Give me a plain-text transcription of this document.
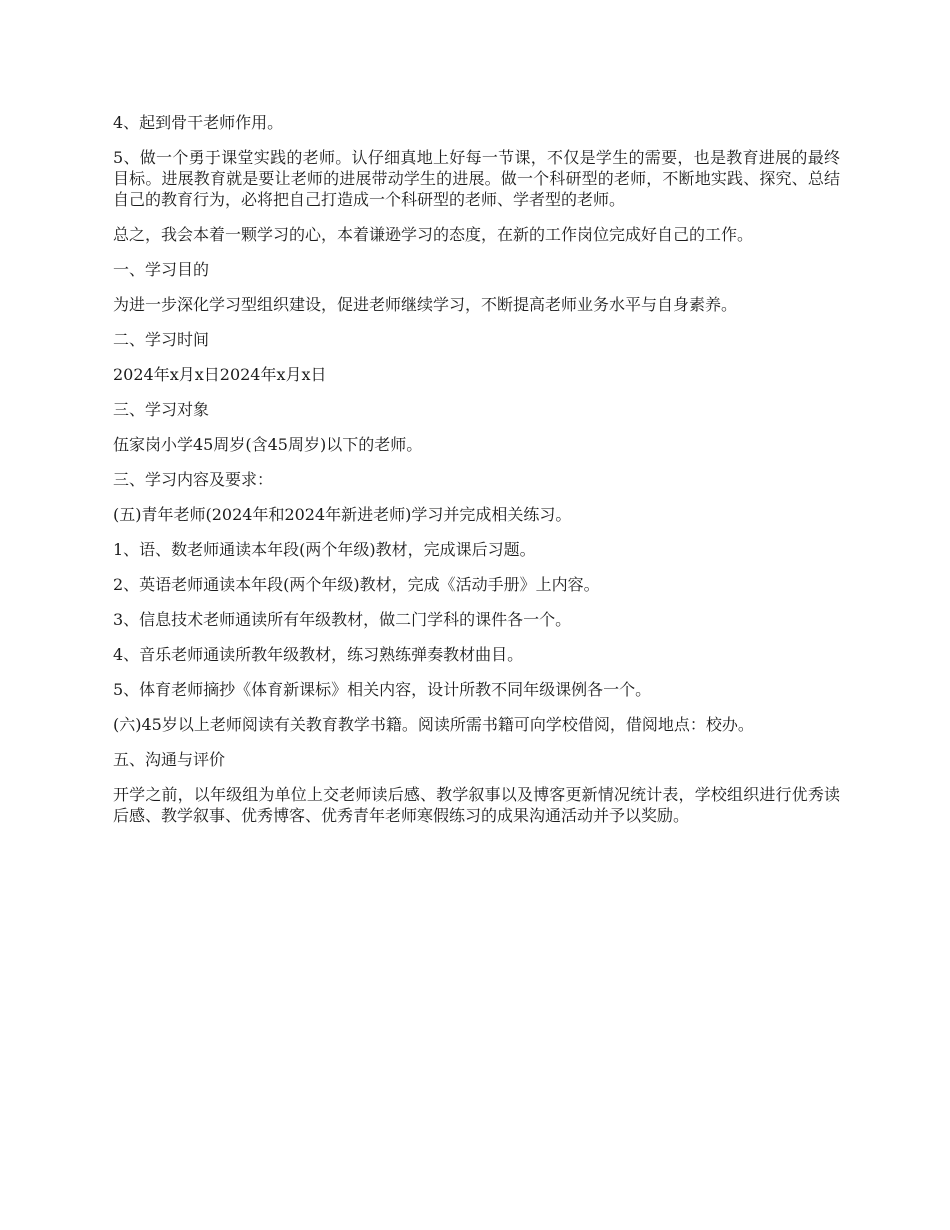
4、起到骨干老师作用。

5、做一个勇于课堂实践的老师。认仔细真地上好每一节课，不仅是学生的需要，也是教育进展的最终目标。进展教育就是要让老师的进展带动学生的进展。做一个科研型的老师，不断地实践、探究、总结自己的教育行为，必将把自己打造成一个科研型的老师、学者型的老师。

总之，我会本着一颗学习的心，本着谦逊学习的态度，在新的工作岗位完成好自己的工作。

一、学习目的

为进一步深化学习型组织建设，促进老师继续学习，不断提高老师业务水平与自身素养。

二、学习时间

2024年x月x日2024年x月x日

三、学习对象

伍家岗小学45周岁(含45周岁)以下的老师。

三、学习内容及要求：

(五)青年老师(2024年和2024年新进老师)学习并完成相关练习。

1、语、数老师通读本年段(两个年级)教材，完成课后习题。

2、英语老师通读本年段(两个年级)教材，完成《活动手册》上内容。

3、信息技术老师通读所有年级教材，做二门学科的课件各一个。

4、音乐老师通读所教年级教材，练习熟练弹奏教材曲目。

5、体育老师摘抄《体育新课标》相关内容，设计所教不同年级课例各一个。

(六)45岁以上老师阅读有关教育教学书籍。阅读所需书籍可向学校借阅，借阅地点：校办。

五、沟通与评价

开学之前，以年级组为单位上交老师读后感、教学叙事以及博客更新情况统计表，学校组织进行优秀读后感、教学叙事、优秀博客、优秀青年老师寒假练习的成果沟通活动并予以奖励。
